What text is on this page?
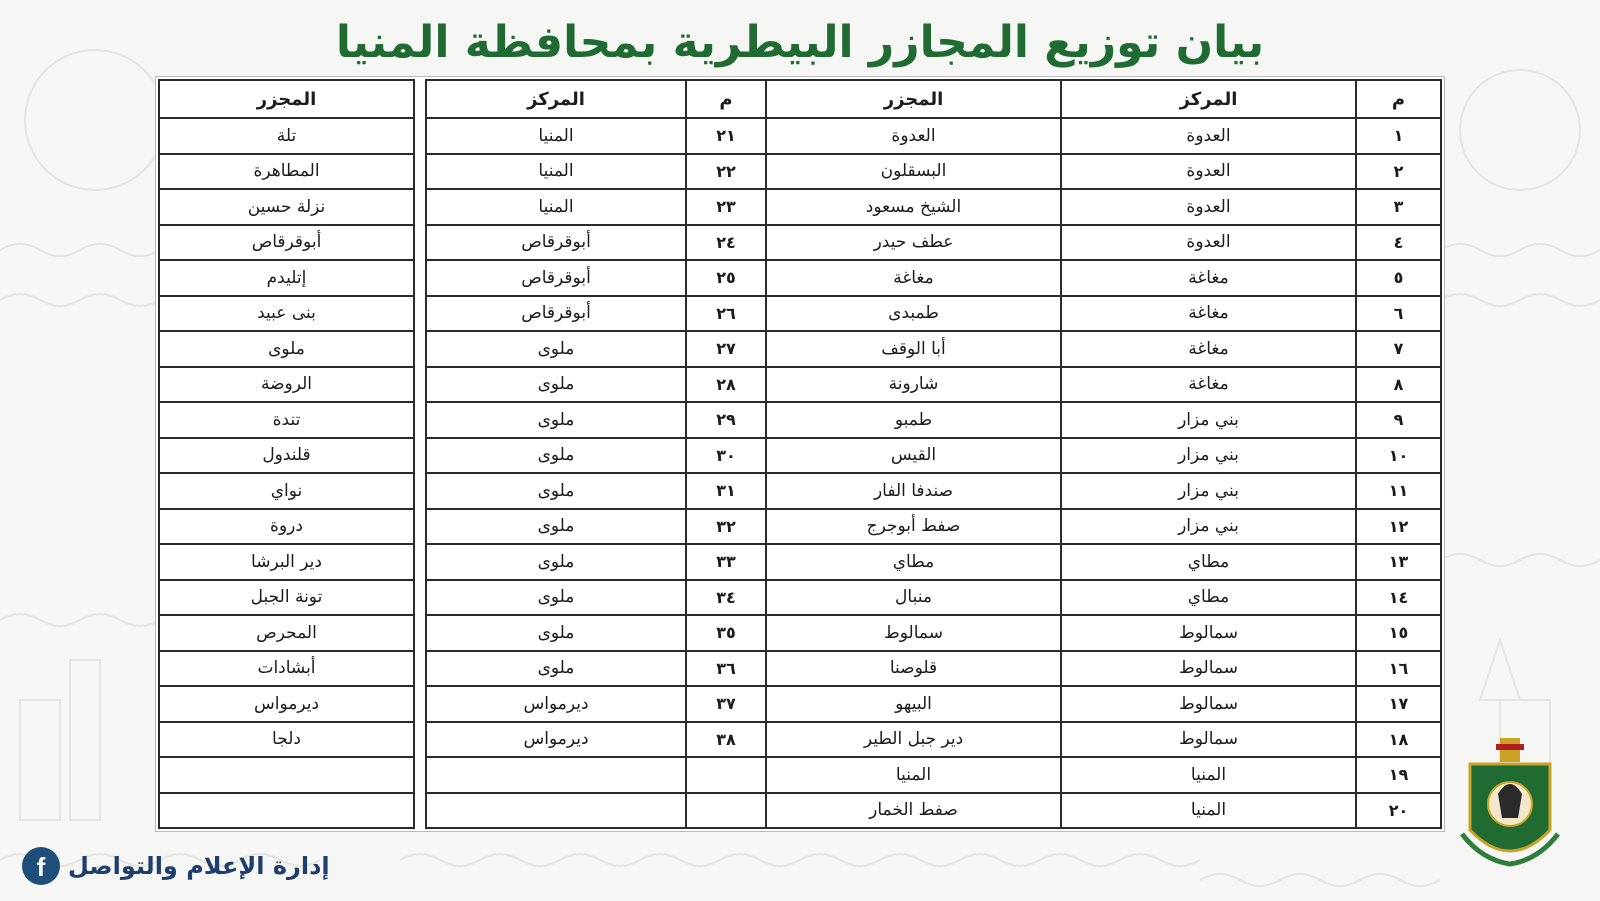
بيان توزيع المجازر البيطرية بمحافظة المنيا
م	المركز	المجزر	م	المركز		المجزر
١	العدوة	العدوة	٢١	المنيا		تلة
٢	العدوة	البسقلون	٢٢	المنيا		المطاهرة
٣	العدوة	الشيخ مسعود	٢٣	المنيا		نزلة حسين
٤	العدوة	عطف حيدر	٢٤	أبوقرقاص		أبوقرقاص
٥	مغاغة	مغاغة	٢٥	أبوقرقاص		إتليدم
٦	مغاغة	طمبدى	٢٦	أبوقرقاص		بنى عبيد
٧	مغاغة	أبا الوقف	٢٧	ملوى		ملوى
٨	مغاغة	شارونة	٢٨	ملوى		الروضة
٩	بني مزار	طمبو	٢٩	ملوى		تندة
١٠	بني مزار	القيس	٣٠	ملوى		قلندول
١١	بني مزار	صندفا الفار	٣١	ملوى		نواي
١٢	بني مزار	صفط أبوجرج	٣٢	ملوى		دروة
١٣	مطاي	مطاي	٣٣	ملوى		دير البرشا
١٤	مطاي	منبال	٣٤	ملوى		تونة الجبل
١٥	سمالوط	سمالوط	٣٥	ملوى		المحرص
١٦	سمالوط	قلوصنا	٣٦	ملوى		أبشادات
١٧	سمالوط	البيهو	٣٧	ديرمواس		ديرمواس
١٨	سمالوط	دير جبل الطير	٣٨	ديرمواس		دلجا
١٩	المنيا	المنيا				
٢٠	المنيا	صفط الخمار				
f إدارة الإعلام والتواصل
